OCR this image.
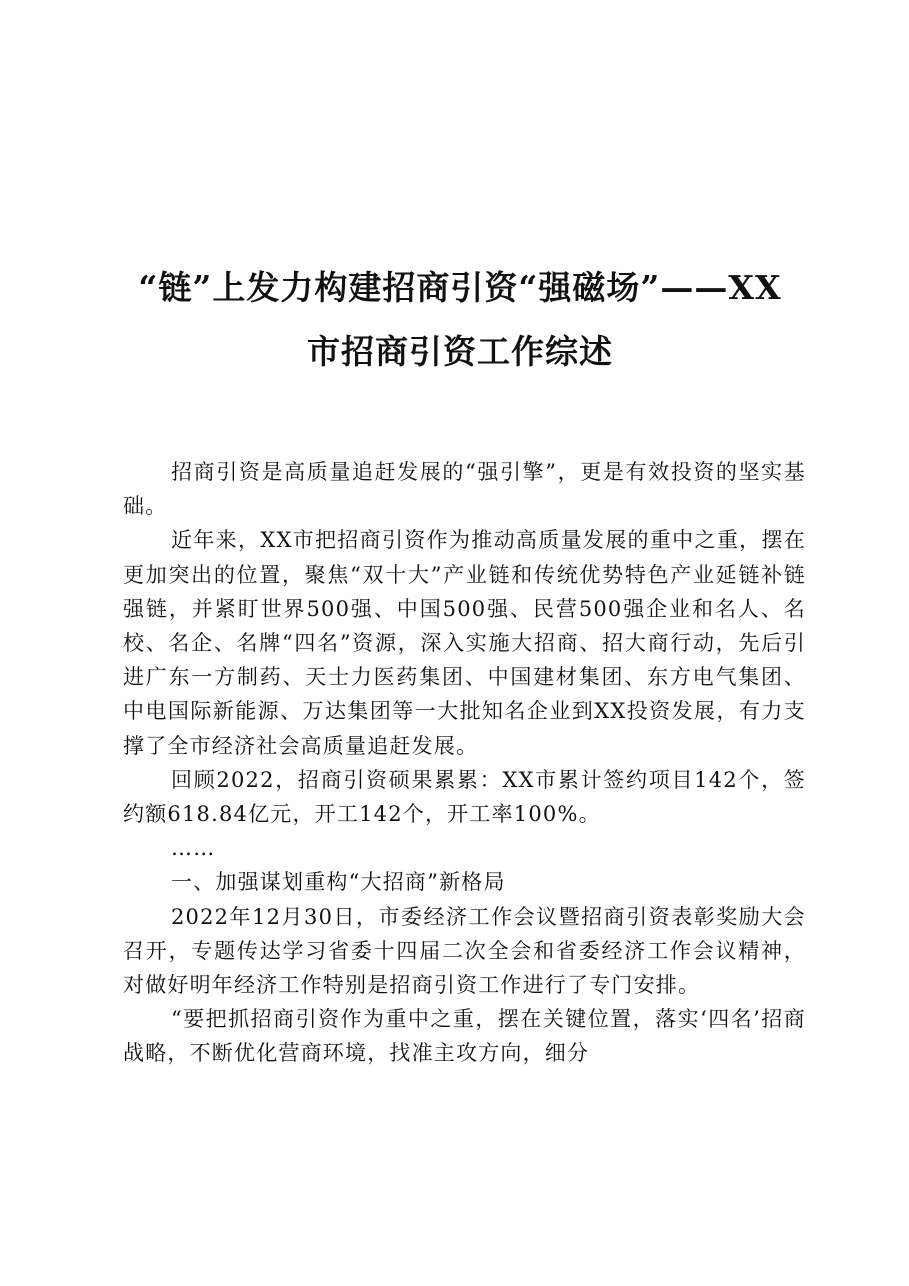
“链”上发力构建招商引资“强磁场”——XX
市招商引资工作综述

招商引资是高质量追赶发展的“强引擎”，更是有效投资的坚实基础。

近年来，XX市把招商引资作为推动高质量发展的重中之重，摆在更加突出的位置，聚焦“双十大”产业链和传统优势特色产业延链补链强链，并紧盯世界500强、中国500强、民营500强企业和名人、名校、名企、名牌“四名”资源，深入实施大招商、招大商行动，先后引进广东一方制药、天士力医药集团、中国建材集团、东方电气集团、中电国际新能源、万达集团等一大批知名企业到XX投资发展，有力支撑了全市经济社会高质量追赶发展。

回顾2022，招商引资硕果累累：XX市累计签约项目142个，签约额618.84亿元，开工142个，开工率100%。

……

一、加强谋划重构“大招商”新格局

2022年12月30日，市委经济工作会议暨招商引资表彰奖励大会召开，专题传达学习省委十四届二次全会和省委经济工作会议精神，对做好明年经济工作特别是招商引资工作进行了专门安排。

“要把抓招商引资作为重中之重，摆在关键位置，落实‘四名’招商战略，不断优化营商环境，找准主攻方向，细分
